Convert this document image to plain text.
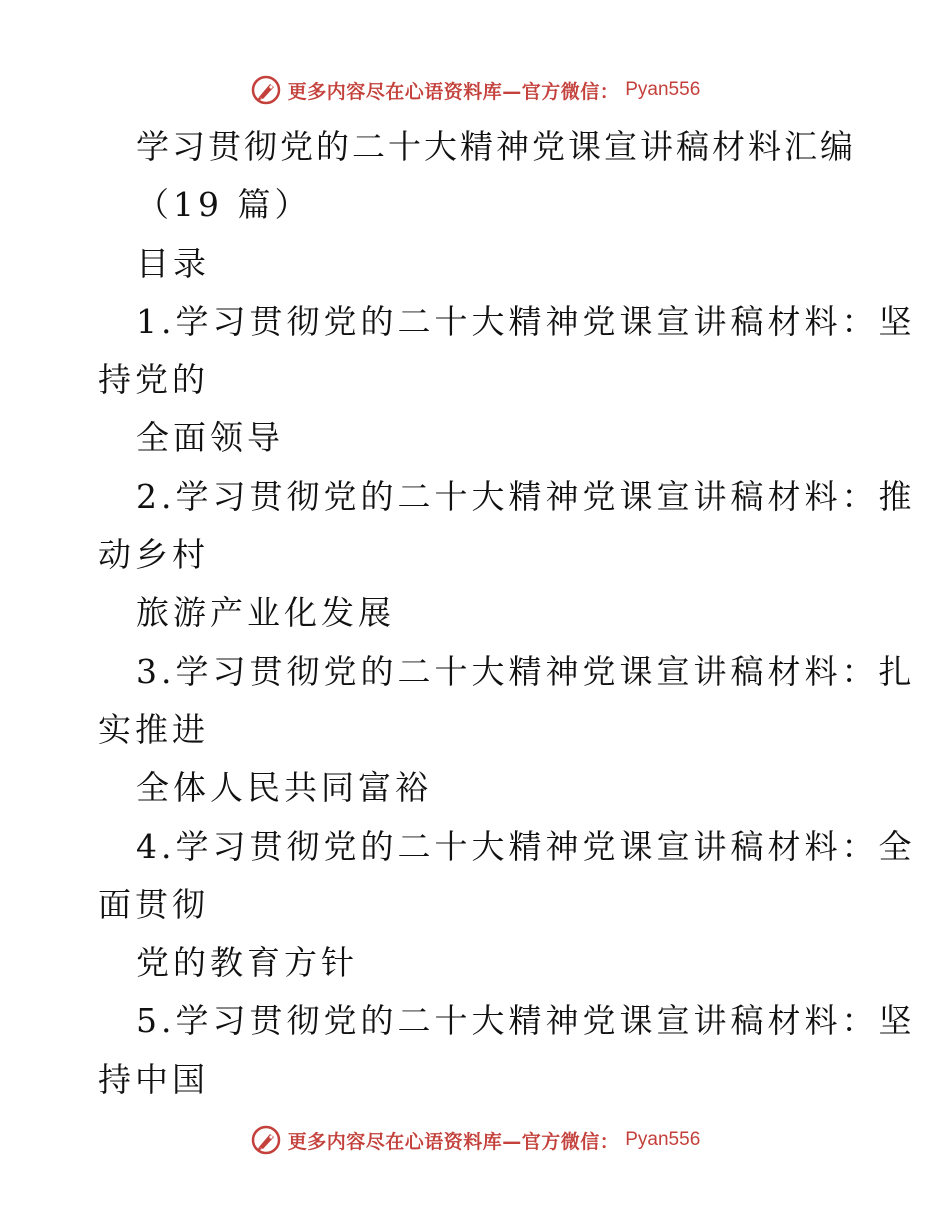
更多内容尽在心语资料库—官方微信： Pyan556
学习贯彻党的二十大精神党课宣讲稿材料汇编
（19 篇）
目录
1.学习贯彻党的二十大精神党课宣讲稿材料：坚
持党的
全面领导
2.学习贯彻党的二十大精神党课宣讲稿材料：推
动乡村
旅游产业化发展
3.学习贯彻党的二十大精神党课宣讲稿材料：扎
实推进
全体人民共同富裕
4.学习贯彻党的二十大精神党课宣讲稿材料：全
面贯彻
党的教育方针
5.学习贯彻党的二十大精神党课宣讲稿材料：坚
持中国
更多内容尽在心语资料库—官方微信： Pyan556
